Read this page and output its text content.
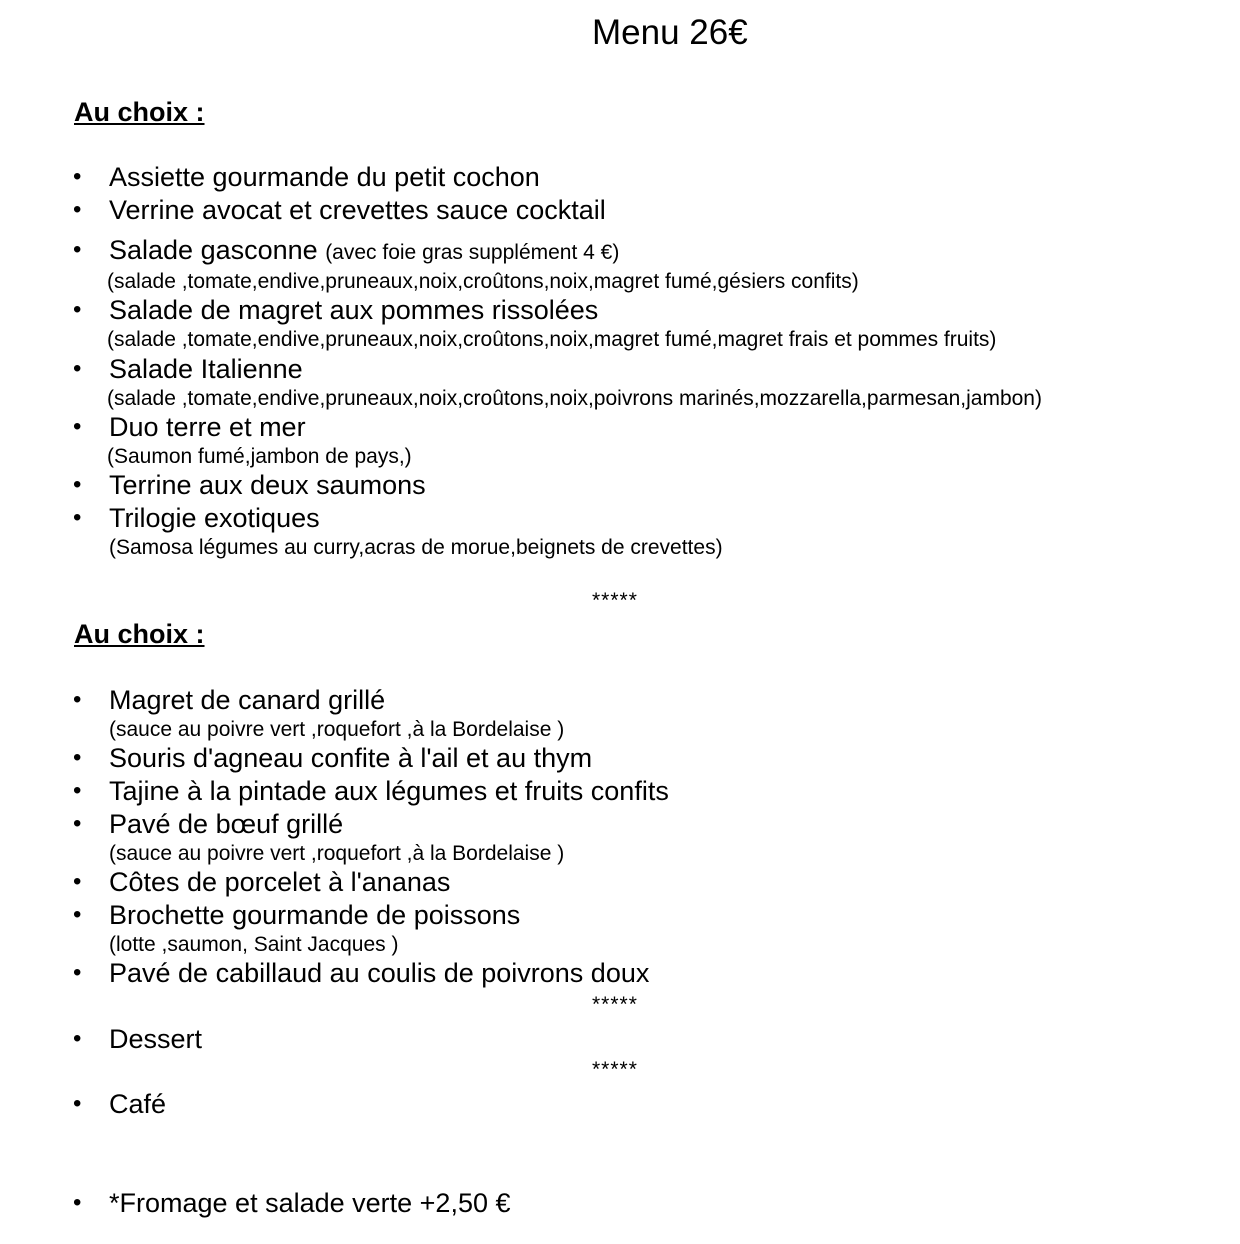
Menu 26€
Au choix :
• Assiette gourmande du petit cochon
• Verrine avocat et crevettes sauce cocktail
• Salade gasconne (avec foie gras supplément 4 €)
(salade ,tomate,endive,pruneaux,noix,croûtons,noix,magret fumé,gésiers confits)
• Salade de magret aux pommes rissolées
(salade ,tomate,endive,pruneaux,noix,croûtons,noix,magret fumé,magret frais et pommes fruits)
• Salade Italienne
(salade ,tomate,endive,pruneaux,noix,croûtons,noix,poivrons marinés,mozzarella,parmesan,jambon)
• Duo terre et mer
(Saumon fumé,jambon de pays,)
• Terrine aux deux saumons
• Trilogie exotiques
(Samosa légumes au curry,acras de morue,beignets de crevettes)
*****
Au choix :
• Magret de canard grillé
(sauce au poivre vert ,roquefort ,à la Bordelaise )
• Souris d'agneau confite à l'ail et au thym
• Tajine à la pintade aux légumes et fruits confits
• Pavé de bœuf grillé
(sauce au poivre vert ,roquefort ,à la Bordelaise )
• Côtes de porcelet à l'ananas
• Brochette gourmande de poissons
(lotte ,saumon, Saint Jacques )
• Pavé de cabillaud au coulis de poivrons doux
*****
• Dessert
*****
• Café
• *Fromage et salade verte +2,50 €
